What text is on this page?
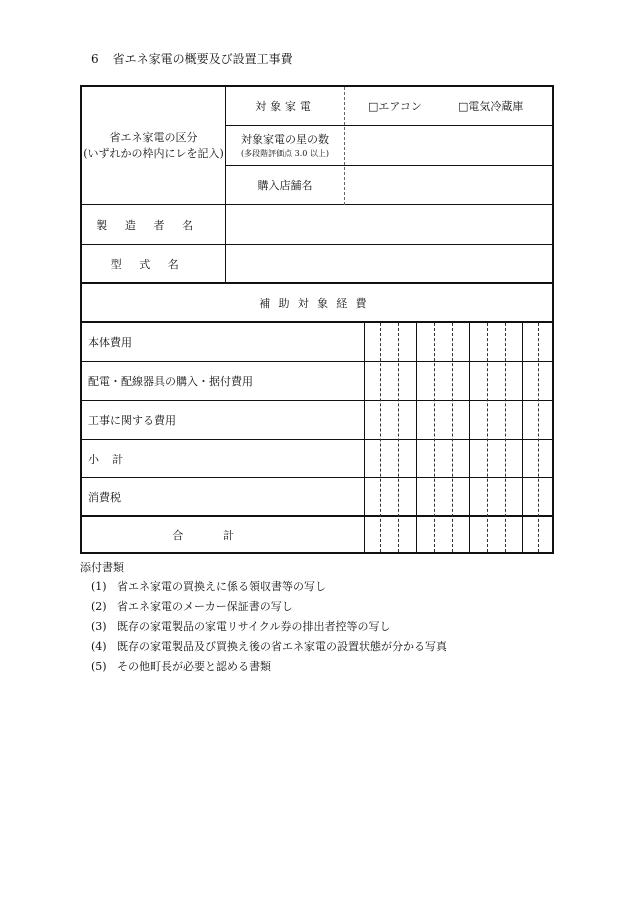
6 省エネ家電の概要及び設置工事費
省エネ家電の区分
(いずれかの枠内にレを記入)
対象家電	□エアコン	□電気冷蔵庫
対象家電の星の数
(多段階評価点 3.0 以上)
購入店舗名
製造者名
型式名
補助対象経費
本体費用
配電・配線器具の購入・据付費用
工事に関する費用
小計
消費税
合計
添付書類
(1) 省エネ家電の買換えに係る領収書等の写し
(2) 省エネ家電のメーカー保証書の写し
(3) 既存の家電製品の家電リサイクル券の排出者控等の写し
(4) 既存の家電製品及び買換え後の省エネ家電の設置状態が分かる写真
(5) その他町長が必要と認める書類
